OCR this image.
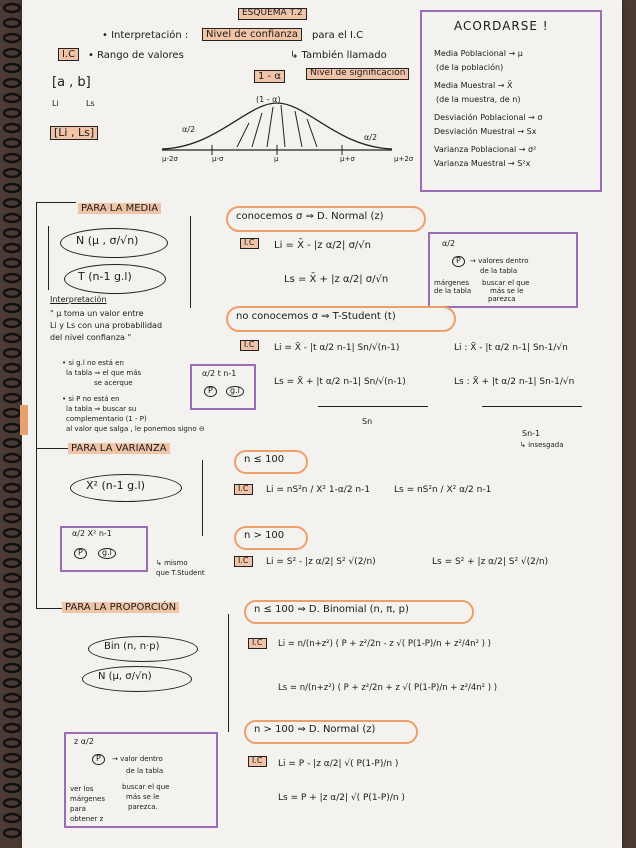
ESQUEMA T.2
• Interpretación :	Nivel de confianza	para el I.C
I.C	• Rango de valores	↳ También llamado
1 - α	Nivel de significación
[a , b]
Li	Ls
[Li , Ls]
(1 - α)
α/2
α/2
μ-2σ	μ-σ	μ	μ+σ	μ+2σ
ACORDARSE !
Media Poblacional → μ
(de la población)
Media Muestral → X̄
(de la muestra, de n)
Desviación Poblacional → σ
Desviación Muestral → Sx
Varianza Poblacional → σ²
Varianza Muestral → S²x
PARA LA MEDIA
N (μ , σ/√n)
T (n-1 g.l)
Interpretación
" μ toma un valor entre
Li y Ls con una probabilidad
del nivel confianza "
• si g.l no está en
la tabla ⇒ el que más
se acerque
• si P no está en
la tabla ⇒ buscar su
complementario (1 - P)
al valor que salga , le ponemos signo ⊖
α/2 t n-1
P	g.l
conocemos σ ⇒ D. Normal (z)
I.C	Li = X̄ - |z α/2| σ/√n
Ls = X̄ + |z α/2| σ/√n
α/2
P	→ valores dentro
de la tabla
buscar el que
más se le
parezca
márgenes de la tabla
no conocemos σ ⇒ T-Student (t)
I.C	Li = X̄ - |t α/2 n-1| Sn/√(n-1)
Ls = X̄ + |t α/2 n-1| Sn/√(n-1)
Li : X̄ - |t α/2 n-1| Sn-1/√n
Ls : X̄ + |t α/2 n-1| Sn-1/√n
Sn
Sn-1
↳ insesgada
PARA LA VARIANZA
X² (n-1 g.l)
n ≤ 100
I.C	Li = nS²n / X² 1-α/2 n-1	Ls = nS²n / X² α/2 n-1
n > 100
I.C	Li = S² - |z α/2| S² √(2/n)	Ls = S² + |z α/2| S² √(2/n)
α/2 X² n-1
P	g.l
↳ mismo
que T.Student
PARA LA PROPORCIÓN
Bin (n, n·p)
N (μ, σ/√n)
n ≤ 100 ⇒ D. Binomial (n, π, p)
I.C	Li = n/(n+z²) ( P + z²/2n - z √( P(1-P)/n + z²/4n² ) )
Ls = n/(n+z²) ( P + z²/2n + z √( P(1-P)/n + z²/4n² ) )
n > 100 ⇒ D. Normal (z)
I.C	Li = P - |z α/2| √( P(1-P)/n )
Ls = P + |z α/2| √( P(1-P)/n )
z α/2
P	→ valor dentro
de la tabla
buscar el que
más se le
parezca.
ver los
márgenes
para
obtener z
